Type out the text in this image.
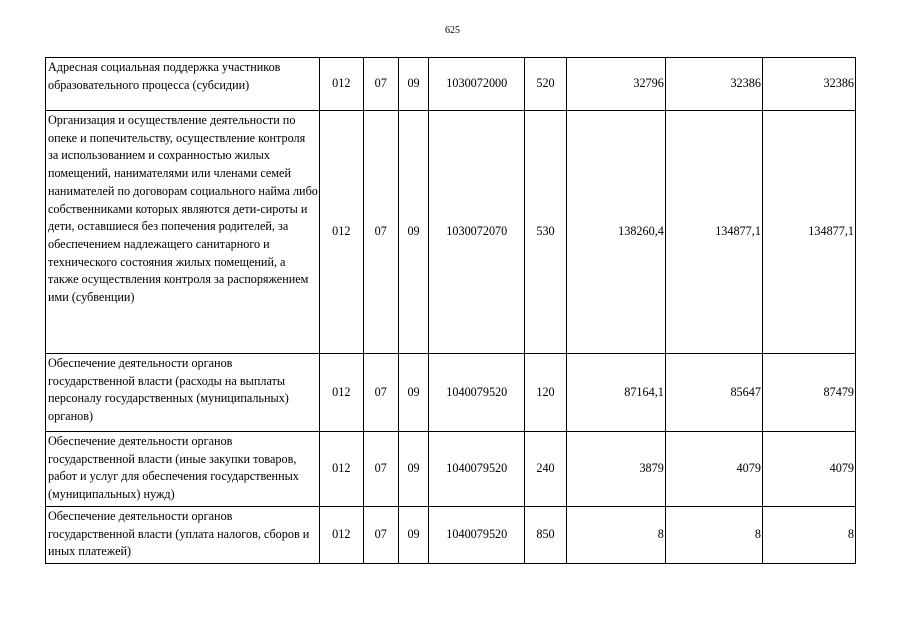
625
Адресная социальная поддержка участников образовательного процесса (субсидии)	012	07	09	1030072000	520	32796	32386	32386
Организация и осуществление деятельности по опеке и попечительству, осуществление контроля за использованием и сохранностью жилых помещений, нанимателями или членами семей нанимателей по договорам социального найма либо собственниками которых являются дети-сироты и дети, оставшиеся без попечения родителей, за обеспечением надлежащего санитарного и технического состояния жилых помещений, а также осуществления контроля за распоряжением ими (субвенции)	012	07	09	1030072070	530	138260,4	134877,1	134877,1
Обеспечение деятельности органов государственной власти (расходы на выплаты персоналу государственных (муниципальных) органов)	012	07	09	1040079520	120	87164,1	85647	87479
Обеспечение деятельности органов государственной власти (иные закупки товаров, работ и услуг для обеспечения государственных (муниципальных) нужд)	012	07	09	1040079520	240	3879	4079	4079
Обеспечение деятельности органов государственной власти (уплата налогов, сборов и иных платежей)	012	07	09	1040079520	850	8	8	8
